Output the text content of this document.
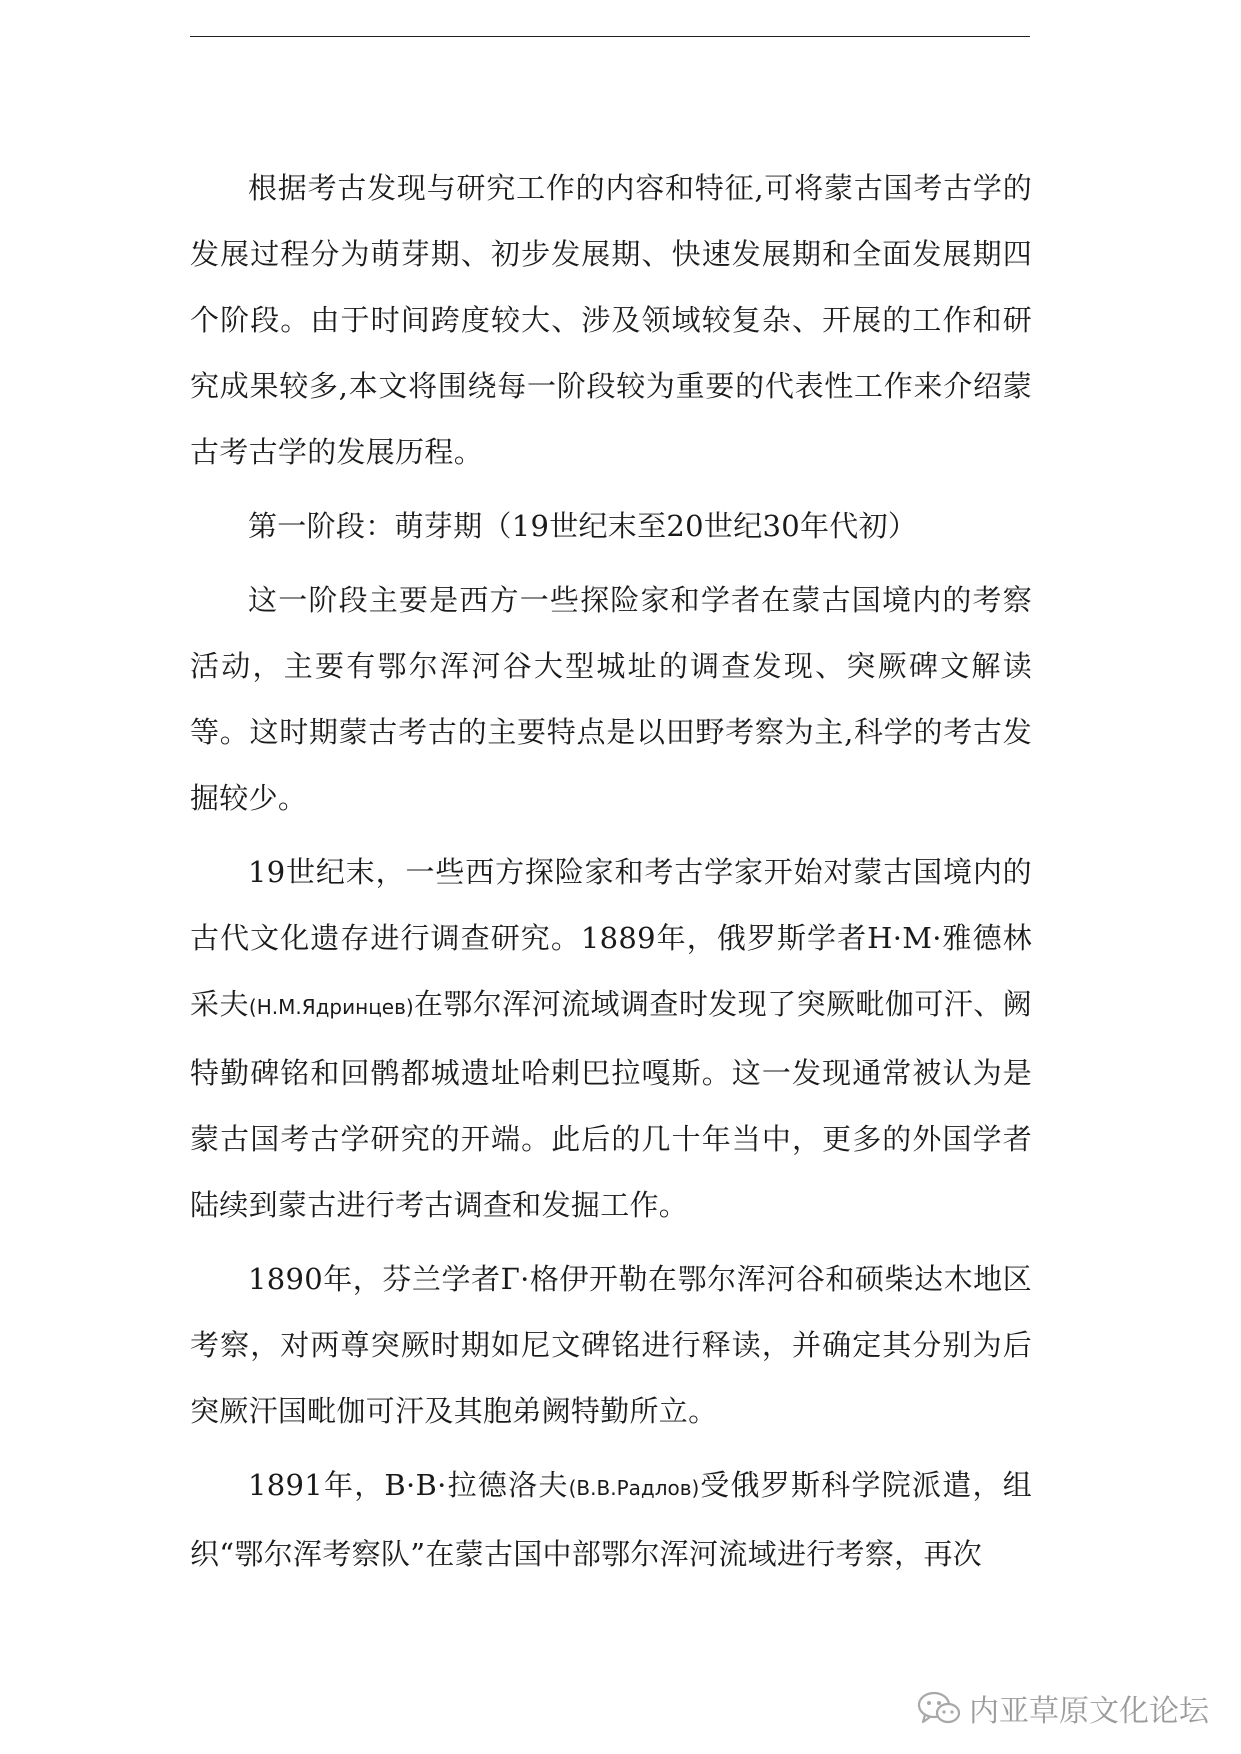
根据考古发现与研究工作的内容和特征,可将蒙古国考古学的发展过程分为萌芽期、初步发展期、快速发展期和全面发展期四个阶段。由于时间跨度较大、涉及领域较复杂、开展的工作和研究成果较多,本文将围绕每一阶段较为重要的代表性工作来介绍蒙古考古学的发展历程。

第一阶段：萌芽期（19世纪末至20世纪30年代初）

这一阶段主要是西方一些探险家和学者在蒙古国境内的考察活动，主要有鄂尔浑河谷大型城址的调查发现、突厥碑文解读等。这时期蒙古考古的主要特点是以田野考察为主,科学的考古发掘较少。

19世纪末，一些西方探险家和考古学家开始对蒙古国境内的古代文化遗存进行调查研究。1889年，俄罗斯学者Н·М·雅德林采夫(Н.М.Ядринцев)在鄂尔浑河流域调查时发现了突厥毗伽可汗、阙特勤碑铭和回鹘都城遗址哈剌巴拉嘎斯。这一发现通常被认为是蒙古国考古学研究的开端。此后的几十年当中，更多的外国学者陆续到蒙古进行考古调查和发掘工作。

1890年，芬兰学者Г·格伊开勒在鄂尔浑河谷和硕柴达木地区考察，对两尊突厥时期如尼文碑铭进行释读，并确定其分别为后突厥汗国毗伽可汗及其胞弟阙特勤所立。

1891年，В·В·拉德洛夫(В.В.Радлов)受俄罗斯科学院派遣，组织“鄂尔浑考察队”在蒙古国中部鄂尔浑河流域进行考察，再次

内亚草原文化论坛
